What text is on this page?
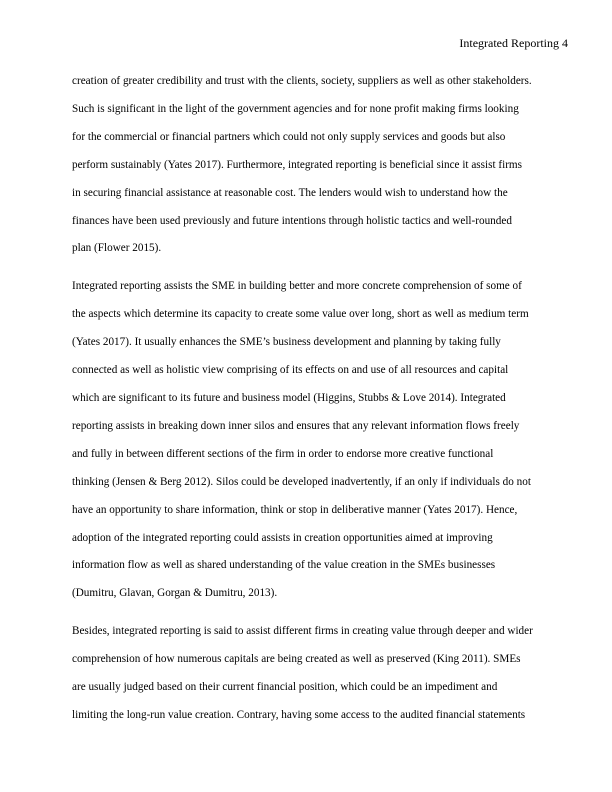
Integrated Reporting 4

creation of greater credibility and trust with the clients, society, suppliers as well as other stakeholders.
Such is significant in the light of the government agencies and for none profit making firms looking
for the commercial or financial partners which could not only supply services and goods but also
perform sustainably (Yates 2017). Furthermore, integrated reporting is beneficial since it assist firms
in securing financial assistance at reasonable cost. The lenders would wish to understand how the
finances have been used previously and future intentions through holistic tactics and well-rounded
plan (Flower 2015).

Integrated reporting assists the SME in building better and more concrete comprehension of some of
the aspects which determine its capacity to create some value over long, short as well as medium term
(Yates 2017). It usually enhances the SME’s business development and planning by taking fully
connected as well as holistic view comprising of its effects on and use of all resources and capital
which are significant to its future and business model (Higgins, Stubbs & Love 2014). Integrated
reporting assists in breaking down inner silos and ensures that any relevant information flows freely
and fully in between different sections of the firm in order to endorse more creative functional
thinking (Jensen & Berg 2012). Silos could be developed inadvertently, if an only if individuals do not
have an opportunity to share information, think or stop in deliberative manner (Yates 2017). Hence,
adoption of the integrated reporting could assists in creation opportunities aimed at improving
information flow as well as shared understanding of the value creation in the SMEs businesses
(Dumitru, Glavan, Gorgan & Dumitru, 2013).

Besides, integrated reporting is said to assist different firms in creating value through deeper and wider
comprehension of how numerous capitals are being created as well as preserved (King 2011). SMEs
are usually judged based on their current financial position, which could be an impediment and
limiting the long-run value creation. Contrary, having some access to the audited financial statements
